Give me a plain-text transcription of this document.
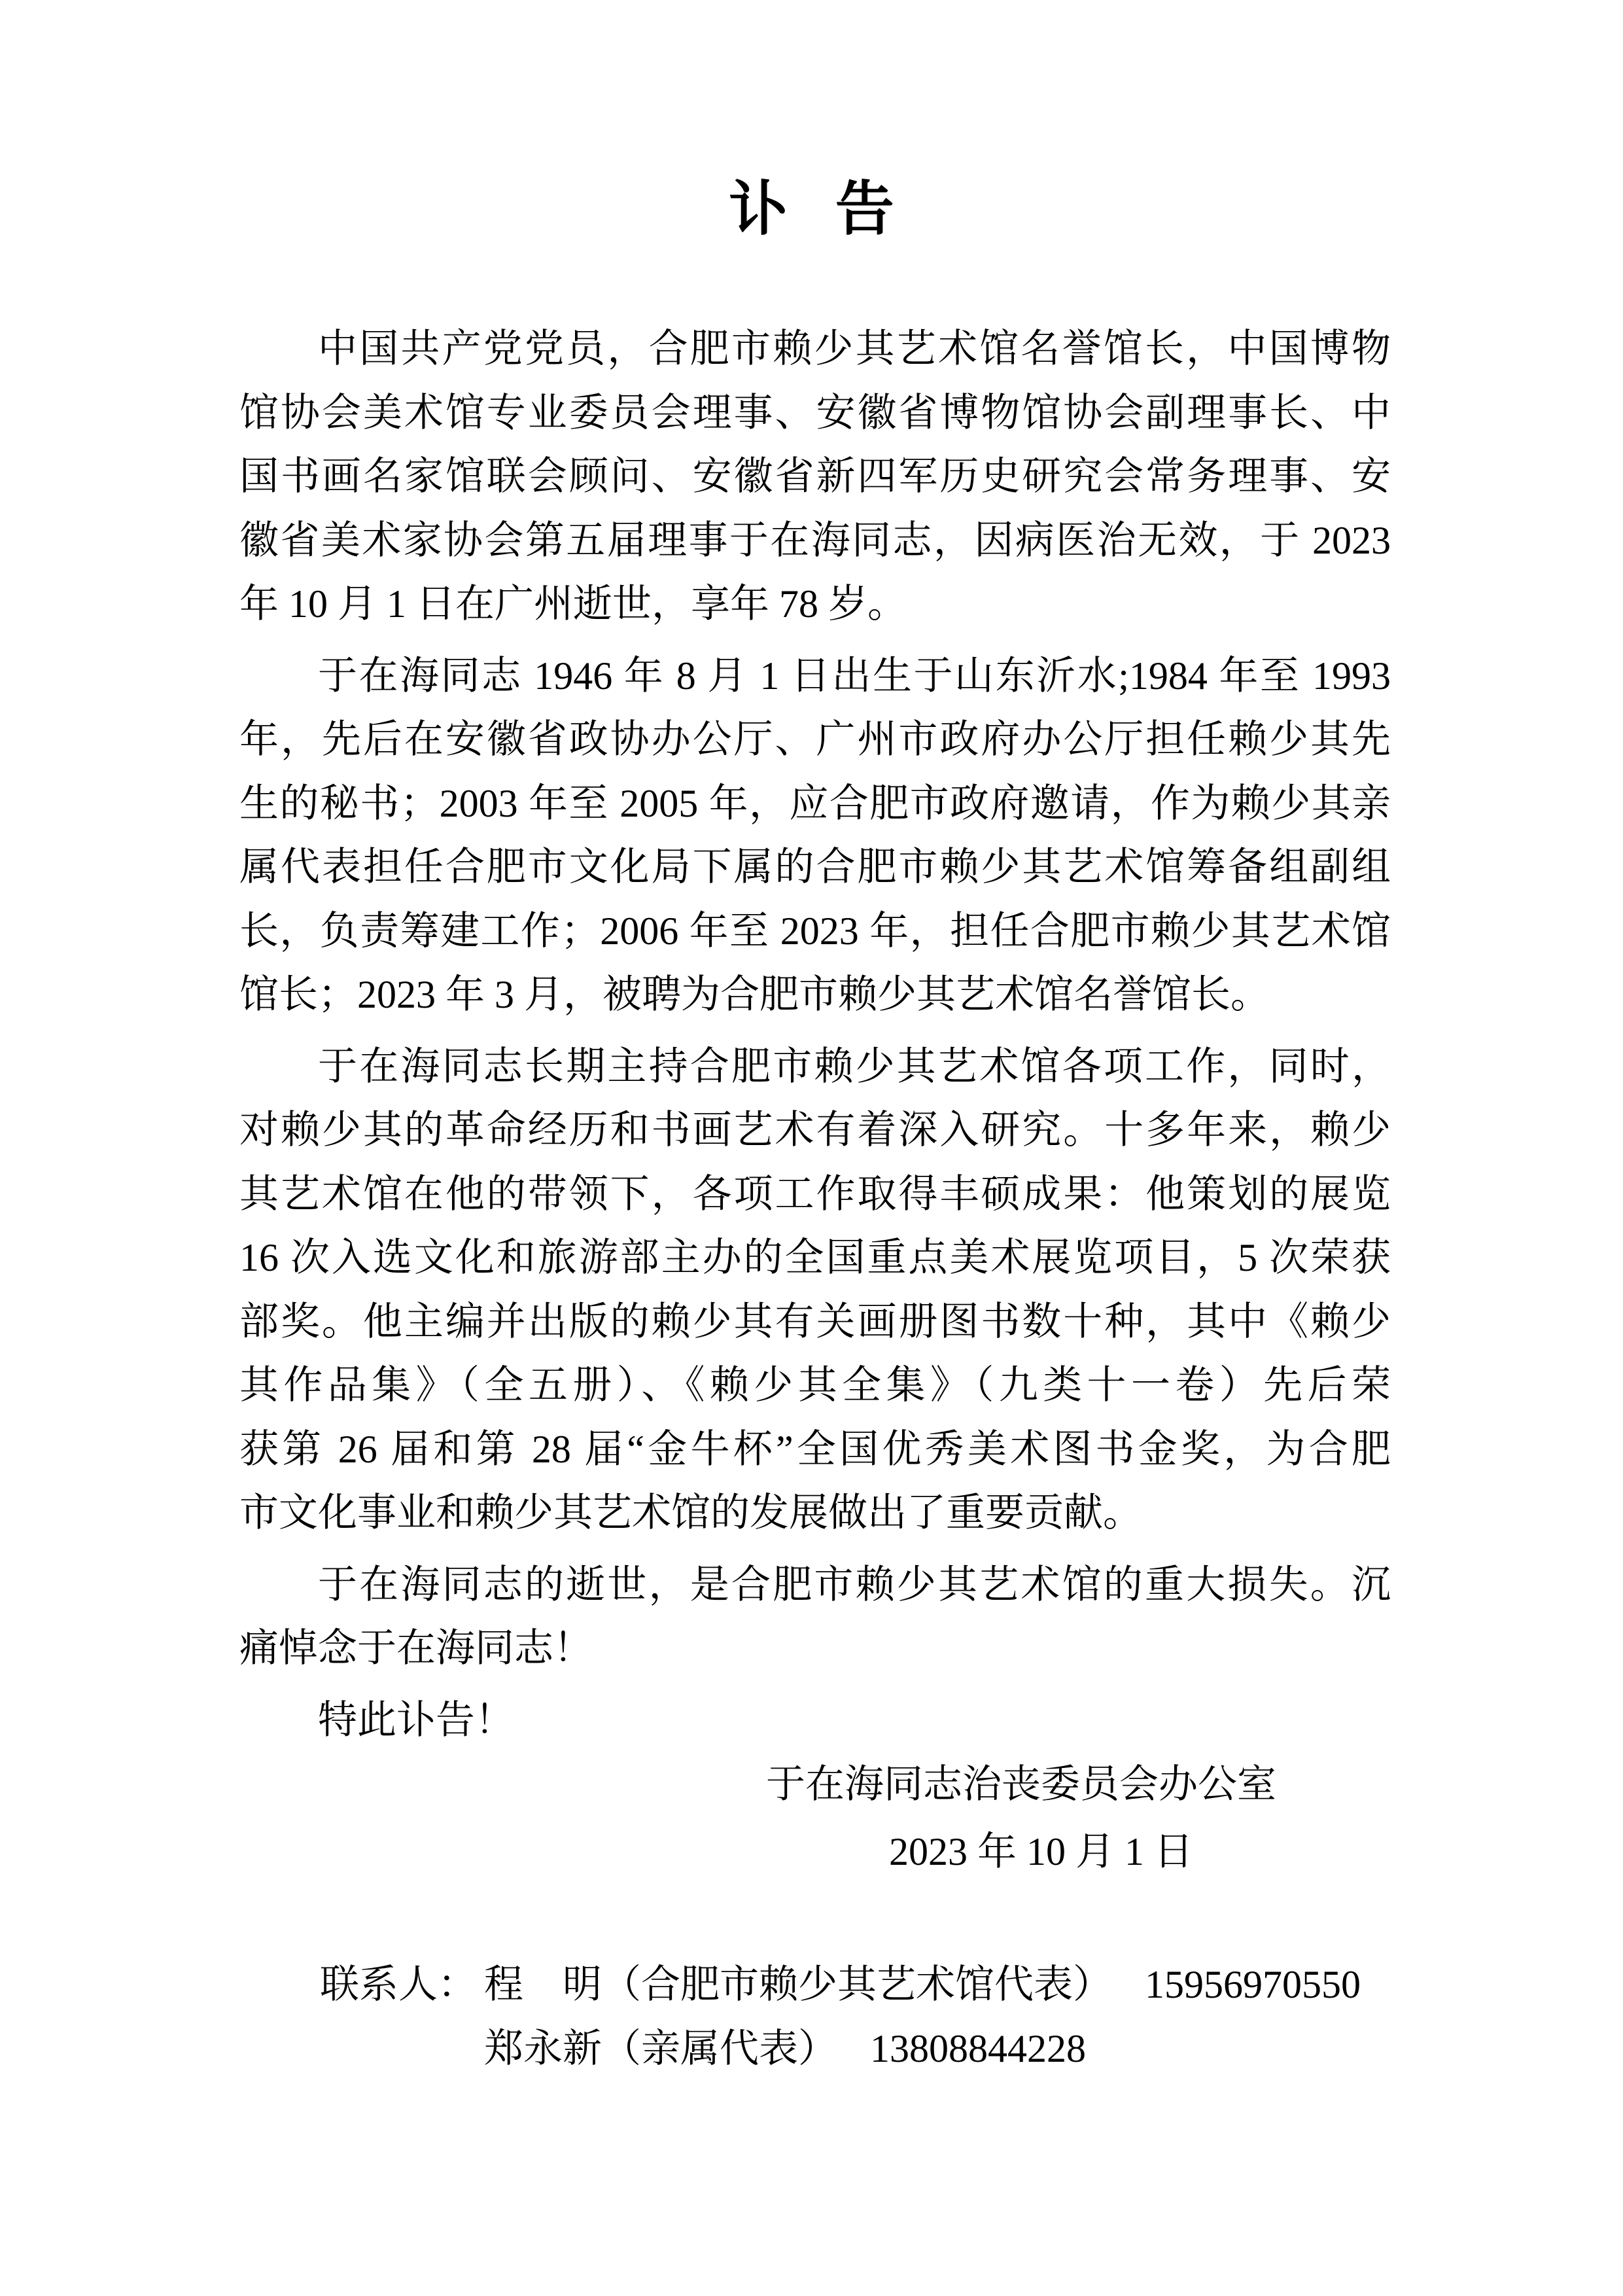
讣 告
中国共产党党员，合肥市赖少其艺术馆名誉馆长，中国博物
馆协会美术馆专业委员会理事、安徽省博物馆协会副理事长、中
国书画名家馆联会顾问、安徽省新四军历史研究会常务理事、安
徽省美术家协会第五届理事于在海同志，因病医治无效，于 2023
年 10 月 1 日在广州逝世，享年 78 岁。
于在海同志 1946 年 8 月 1 日出生于山东沂水;1984 年至 1993
年，先后在安徽省政协办公厅、广州市政府办公厅担任赖少其先
生的秘书；2003 年至 2005 年，应合肥市政府邀请，作为赖少其亲
属代表担任合肥市文化局下属的合肥市赖少其艺术馆筹备组副组
长，负责筹建工作；2006 年至 2023 年，担任合肥市赖少其艺术馆
馆长；2023 年 3 月，被聘为合肥市赖少其艺术馆名誉馆长。
于在海同志长期主持合肥市赖少其艺术馆各项工作，同时，
对赖少其的革命经历和书画艺术有着深入研究。十多年来，赖少
其艺术馆在他的带领下，各项工作取得丰硕成果：他策划的展览
16 次入选文化和旅游部主办的全国重点美术展览项目，5 次荣获
部奖。他主编并出版的赖少其有关画册图书数十种，其中《赖少
其作品集》（全五册）、《赖少其全集》（九类十一卷）先后荣
获第 26 届和第 28 届“金牛杯”全国优秀美术图书金奖，为合肥
市文化事业和赖少其艺术馆的发展做出了重要贡献。
于在海同志的逝世，是合肥市赖少其艺术馆的重大损失。沉
痛悼念于在海同志！
特此讣告！
于在海同志治丧委员会办公室
2023 年 10 月 1 日
联系人： 程　明（合肥市赖少其艺术馆代表） 15956970550
郑永新（亲属代表） 13808844228
